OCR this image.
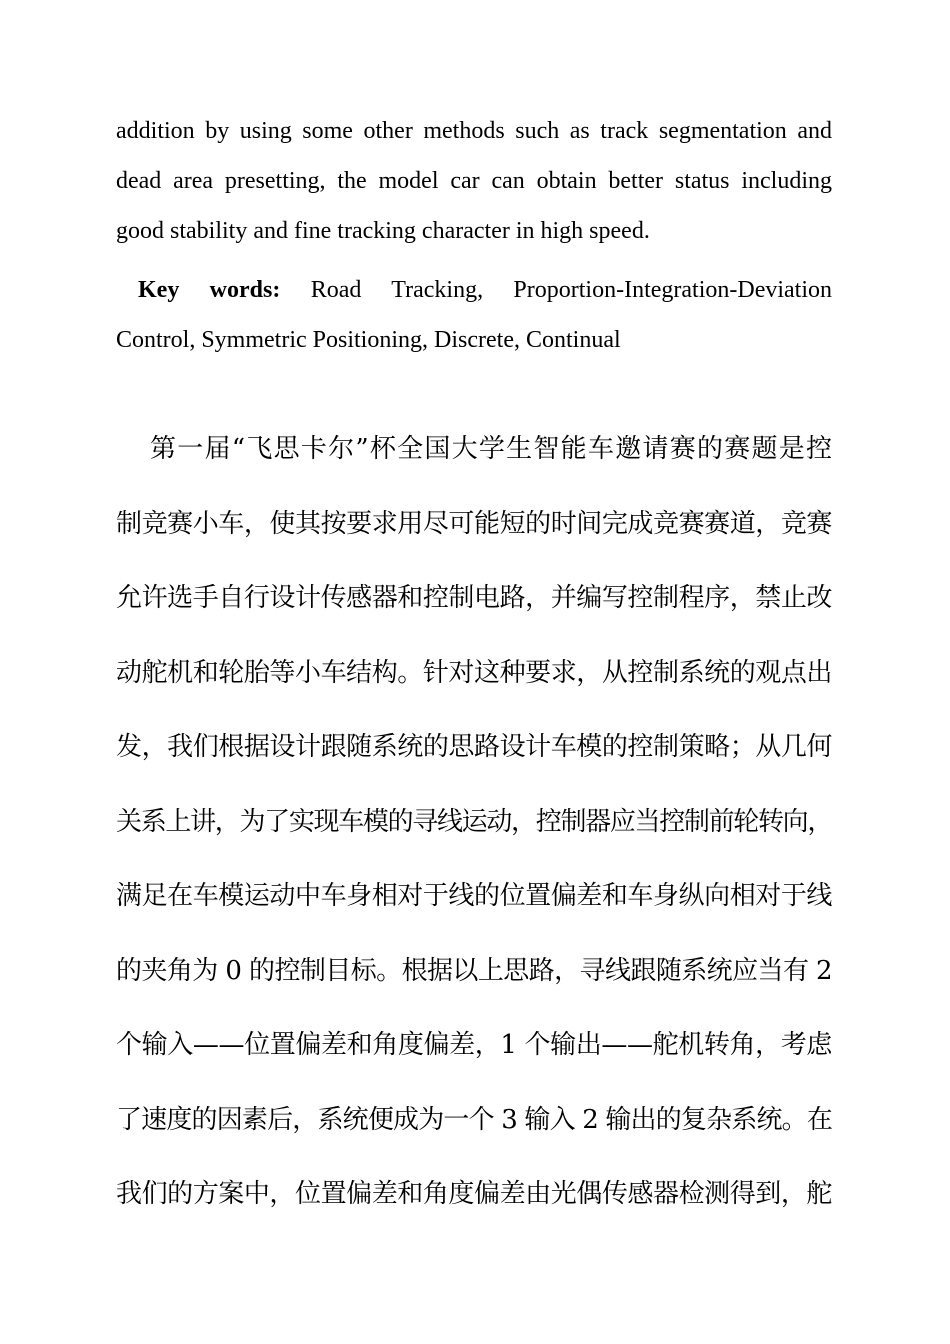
addition by using some other methods such as track segmentation and
dead area presetting, the model car can obtain better status including
good stability and fine tracking character in high speed.
Key words: Road Tracking, Proportion-Integration-Deviation
Control, Symmetric Positioning, Discrete, Continual
第一届“飞思卡尔”杯全国大学生智能车邀请赛的赛题是控
制竞赛小车，使其按要求用尽可能短的时间完成竞赛赛道，竞赛
允许选手自行设计传感器和控制电路，并编写控制程序，禁止改
动舵机和轮胎等小车结构。针对这种要求，从控制系统的观点出
发，我们根据设计跟随系统的思路设计车模的控制策略；从几何
关系上讲，为了实现车模的寻线运动，控制器应当控制前轮转向，
满足在车模运动中车身相对于线的位置偏差和车身纵向相对于线
的夹角为 0 的控制目标。根据以上思路，寻线跟随系统应当有 2
个输入——位置偏差和角度偏差，1 个输出——舵机转角，考虑
了速度的因素后，系统便成为一个 3 输入 2 输出的复杂系统。在
我们的方案中，位置偏差和角度偏差由光偶传感器检测得到，舵
